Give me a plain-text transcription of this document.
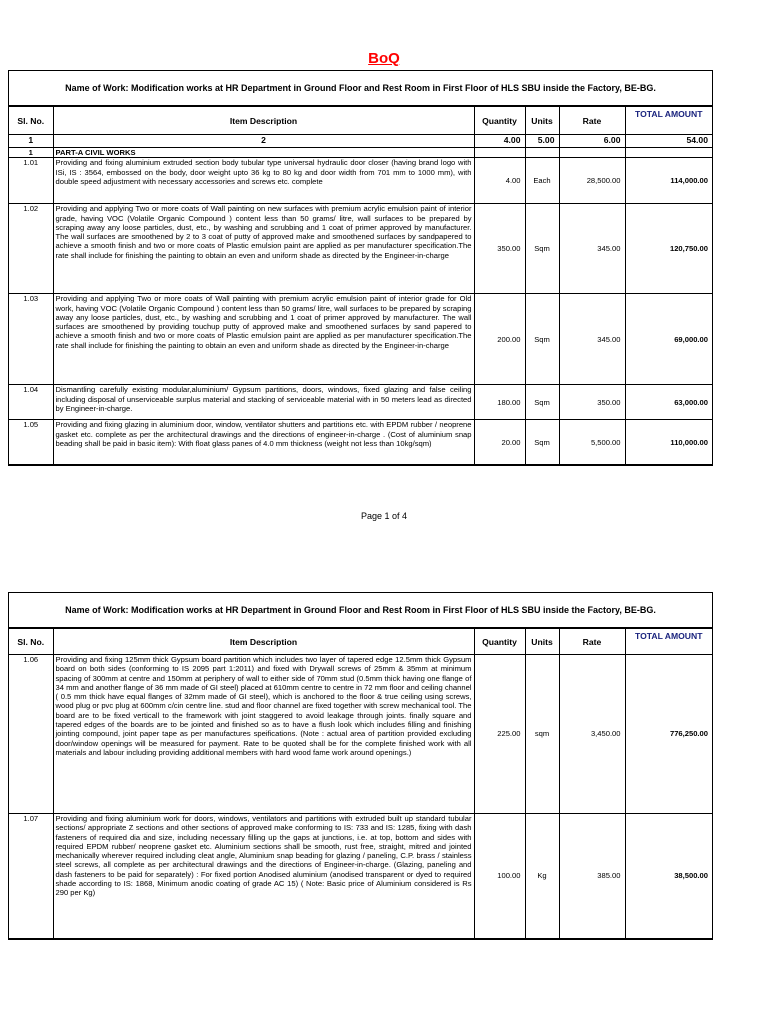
BoQ
Name of Work: Modification works at HR Department in Ground Floor and Rest Room in First Floor of HLS SBU inside the Factory, BE-BG.
Sl. No.	Item Description	Quantity	Units	Rate	TOTAL AMOUNT
1	2	4.00	5.00	6.00	54.00
1	PART-A CIVIL WORKS				
1.01	Providing and fixing aluminium extruded section body tubular type universal hydraulic door closer (having brand logo with ISi, IS : 3564, embossed on the body, door weight upto 36 kg to 80 kg and door width from 701 mm to 1000 mm), with double speed adjustment with necessary accessories and screws etc. complete	4.00	Each	28,500.00	114,000.00
1.02	Providing and applying Two or more coats of Wall painting on new surfaces with premium acrylic emulsion paint of interior grade, having VOC (Volatile Organic Compound ) content less than 50 grams/ litre, wall surfaces to be prepared by scraping away any loose particles, dust, etc., by washing and scrubbing and 1 coat of primer approved by manufacturer. The wall surfaces are smoothened by 2 to 3 coat of putty of approved make and smoothened surfaces by sandpapered to achieve a smooth finish and two or more coats of Plastic emulsion paint are applied as per manufacturer specification.The rate shall include for finishing the painting to obtain an even and uniform shade as directed by the Engineer-in-charge	350.00	Sqm	345.00	120,750.00
1.03	Providing and applying Two or more coats of Wall painting with premium acrylic emulsion paint of interior grade for Old work, having VOC (Volatile Organic Compound ) content less than 50 grams/ litre, wall surfaces to be prepared by scraping away any loose particles, dust, etc., by washing and scrubbing and 1 coat of primer approved by manufacturer. The wall surfaces are smoothened by providing touchup putty of approved make and smoothened surfaces by sand papered to achieve a smooth finish and two or more coats of Plastic emulsion paint are applied as per manufacturer specification.The rate shall include for finishing the painting to obtain an even and uniform shade as directed by the Engineer-in-charge	200.00	Sqm	345.00	69,000.00
1.04	Dismantling carefully existing modular,aluminium/ Gypsum partitions, doors, windows, fixed glazing and false ceiling including disposal of unserviceable surplus material and stacking of serviceable material with in 50 meters lead as directed by Engineer-in-charge.	180.00	Sqm	350.00	63,000.00
1.05	Providing and fixing glazing in aluminium door, window, ventilator shutters and partitions etc. with EPDM rubber / neoprene gasket etc. complete as per the architectural drawings and the directions of engineer-in-charge . (Cost of aluminium snap beading shall be paid in basic item): With float glass panes of 4.0 mm thickness (weight not less than 10kg/sqm)	20.00	Sqm	5,500.00	110,000.00
Page 1 of 4
Name of Work: Modification works at HR Department in Ground Floor and Rest Room in First Floor of HLS SBU inside the Factory, BE-BG.
Sl. No.	Item Description	Quantity	Units	Rate	TOTAL AMOUNT
1.06	Providing and fixing 125mm thick Gypsum board partition which includes two layer of tapered edge 12.5mm thick Gypsum board on both sides (conforming to IS 2095 part 1:2011) and fixed with Drywall screws of 25mm & 35mm at minimum spacing of 300mm at centre and 150mm at periphery of wall to either side of 70mm stud (0.5mm thick having one flange of 34 mm and another flange of 36 mm made of GI steel) placed at 610mm centre to centre in 72 mm floor and ceiling channel ( 0.5 mm thick have equal flanges of 32mm made of GI steel), which is anchored to the floor & true ceiling using screws, wood plug or pvc plug at 600mm c/cin centre line. stud and floor channel are fixed together with screw mechanical tool. The board are to be fixed verticall to the framework with joint staggered to avoid leakage through joints. finally square and tapered edges of the boards are to be jointed and finished so as to have a flush look which includes filling and finishing jointing compound, joint paper tape as per manufactures speifications. (Note : actual area of partition provided excluding door/window openings will be measured for payment. Rate to be quoted shall be for the complete finished work with all materials and labour including providing additional members with hard wood fame work around openings.)	225.00	sqm	3,450.00	776,250.00
1.07	Providing and fixing aluminium work for doors, windows, ventilators and partitions with extruded built up standard tubular sections/ appropriate Z sections and other sections of approved make conforming to IS: 733 and IS: 1285, fixing with dash fasteners of required dia and size, including necessary filling up the gaps at junctions, i.e. at top, bottom and sides with required EPDM rubber/ neoprene gasket etc. Aluminium sections shall be smooth, rust free, straight, mitred and jointed mechanically wherever required including cleat angle, Aluminium snap beading for glazing / paneling, C.P. brass / stainless steel screws, all complete as per architectural drawings and the directions of Engineer-in-charge. (Glazing, paneling and dash fasteners to be paid for separately) : For fixed portion Anodised aluminium (anodised transparent or dyed to required shade according to IS: 1868, Minimum anodic coating of grade AC 15) ( Note: Basic price of Aluminium considered is Rs 290 per Kg)	100.00	Kg	385.00	38,500.00
